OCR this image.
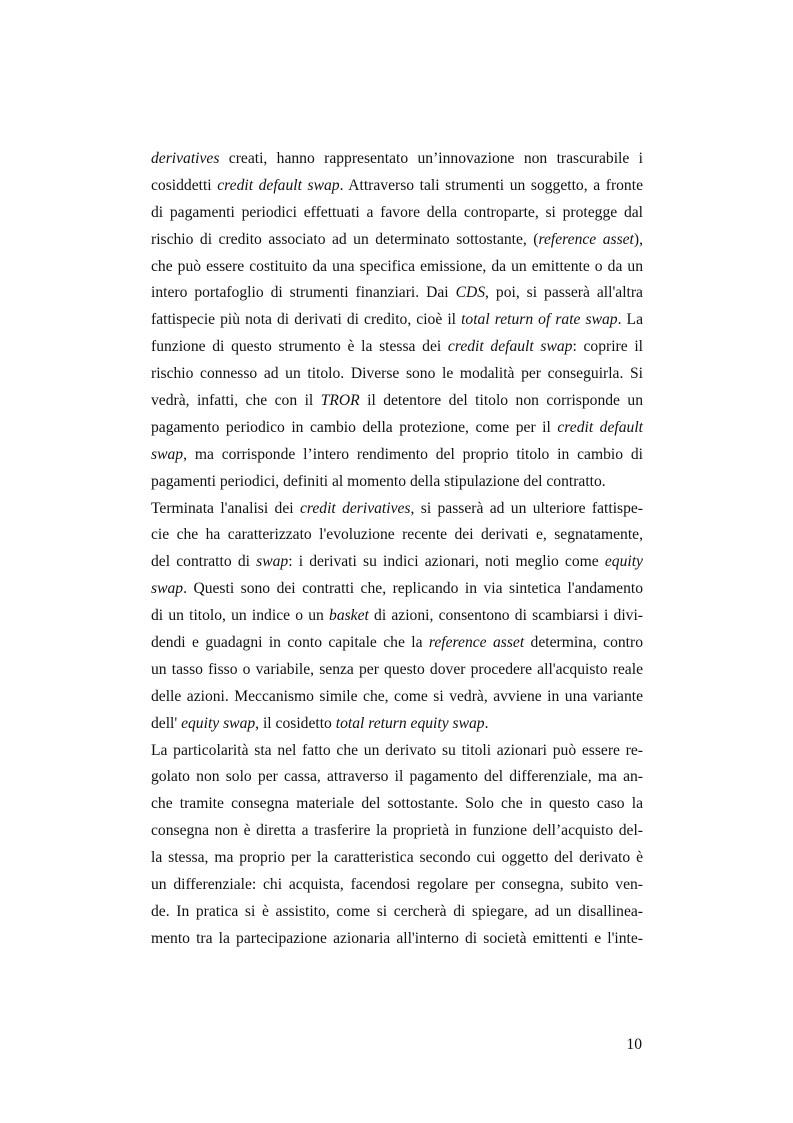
derivatives creati, hanno rappresentato un’innovazione non trascurabile i
cosiddetti credit default swap. Attraverso tali strumenti un soggetto, a fronte
di pagamenti periodici effettuati a favore della controparte, si protegge dal
rischio di credito associato ad un determinato sottostante, (reference asset),
che può essere costituito da una specifica emissione, da un emittente o da un
intero portafoglio di strumenti finanziari. Dai CDS, poi, si passerà all'altra
fattispecie più nota di derivati di credito, cioè il total return of rate swap. La
funzione di questo strumento è la stessa dei credit default swap: coprire il
rischio connesso ad un titolo. Diverse sono le modalità per conseguirla. Si
vedrà, infatti, che con il TROR il detentore del titolo non corrisponde un
pagamento periodico in cambio della protezione, come per il credit default
swap, ma corrisponde l’intero rendimento del proprio titolo in cambio di
pagamenti periodici, definiti al momento della stipulazione del contratto.
Terminata l'analisi dei credit derivatives, si passerà ad un ulteriore fattispe-
cie che ha caratterizzato l'evoluzione recente dei derivati e, segnatamente,
del contratto di swap: i derivati su indici azionari, noti meglio come equity
swap. Questi sono dei contratti che, replicando in via sintetica l'andamento
di un titolo, un indice o un basket di azioni, consentono di scambiarsi i divi-
dendi e guadagni in conto capitale che la reference asset determina, contro
un tasso fisso o variabile, senza per questo dover procedere all'acquisto reale
delle azioni. Meccanismo simile che, come si vedrà, avviene in una variante
dell' equity swap, il cosidetto total return equity swap.
La particolarità sta nel fatto che un derivato su titoli azionari può essere re-
golato non solo per cassa, attraverso il pagamento del differenziale, ma an-
che tramite consegna materiale del sottostante. Solo che in questo caso la
consegna non è diretta a trasferire la proprietà in funzione dell’acquisto del-
la stessa, ma proprio per la caratteristica secondo cui oggetto del derivato è
un differenziale: chi acquista, facendosi regolare per consegna, subito ven-
de. In pratica si è assistito, come si cercherà di spiegare, ad un disallinea-
mento tra la partecipazione azionaria all'interno di società emittenti e l'inte-
10
